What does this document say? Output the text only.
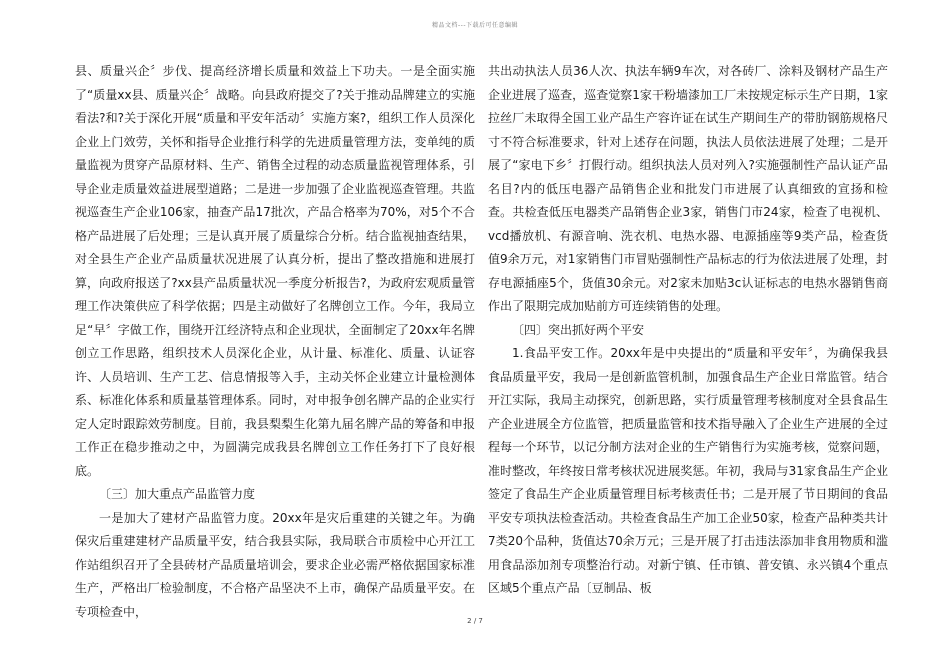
精品文档---下载后可任意编辑

县、质量兴企〞步伐、提高经济增长质量和效益上下功夫。一是全面实施了“质量xx县、质量兴企〞战略。向县政府提交了?关于推动品牌建立的实施看法?和?关于深化开展“质量和平安年活动〞实施方案?，组织工作人员深化企业上门效劳，关怀和指导企业推行科学的先进质量管理方法，变单纯的质量监视为贯穿产品原材料、生产、销售全过程的动态质量监视管理体系，引导企业走质量效益进展型道路；二是进一步加强了企业监视巡查管理。共监视巡查生产企业106家，抽查产品17批次，产品合格率为70%，对5个不合格产品进展了后处理；三是认真开展了质量综合分析。结合监视抽查结果，对全县生产企业产品质量状况进展了认真分析，提出了整改措施和进展打算，向政府报送了?xx县产品质量状况一季度分析报告?，为政府宏观质量管理工作决策供应了科学依据；四是主动做好了名牌创立工作。今年，我局立足“早〞字做工作，围绕开江经济特点和企业现状，全面制定了20xx年名牌创立工作思路，组织技术人员深化企业，从计量、标准化、质量、认证容许、人员培训、生产工艺、信息情报等入手，主动关怀企业建立计量检测体系、标准化体系和质量基管理体系。同时，对申报争创名牌产品的企业实行定人定时跟踪效劳制度。目前，我县梨梨生化第九届名牌产品的筹备和申报工作正在稳步推动之中，为圆满完成我县名牌创立工作任务打下了良好根底。

〔三〕加大重点产品监管力度

一是加大了建材产品监管力度。20xx年是灾后重建的关键之年。为确保灾后重建建材产品质量平安，结合我县实际，我局联合市质检中心开江工作站组织召开了全县砖材产品质量培训会，要求企业必需严格依据国家标准生产，严格出厂检验制度，不合格产品坚决不上市，确保产品质量平安。在专项检查中，

共出动执法人员36人次、执法车辆9车次，对各砖厂、涂料及钢材产品生产企业进展了巡查，巡查觉察1家干粉墙漆加工厂未按规定标示生产日期，1家拉丝厂未取得全国工业产品生产容许证在试生产期间生产的带肋钢筋规格尺寸不符合标准要求，针对上述存在问题，执法人员依法进展了处理；二是开展了“家电下乡〞打假行动。组织执法人员对列入?实施强制性产品认证产品名目?内的低压电器产品销售企业和批发门市进展了认真细致的宣扬和检查。共检查低压电器类产品销售企业3家，销售门市24家，检查了电视机、vcd播放机、有源音响、洗衣机、电热水器、电源插座等9类产品，检查货值9余万元，对1家销售门市冒贴强制性产品标志的行为依法进展了处理，封存电源插座5个，货值30余元。对2家未加贴3c认证标志的电热水器销售商作出了限期完成加贴前方可连续销售的处理。

〔四〕突出抓好两个平安

1.食品平安工作。20xx年是中央提出的“质量和平安年〞，为确保我县食品质量平安，我局一是创新监管机制，加强食品生产企业日常监管。结合开江实际，我局主动探究，创新思路，实行质量管理考核制度对全县食品生产企业进展全方位监管，把质量监管和技术指导融入了企业生产进展的全过程每一个环节，以记分制方法对企业的生产销售行为实施考核，觉察问题，准时整改，年终按日常考核状况进展奖惩。年初，我局与31家食品生产企业签定了食品生产企业质量管理目标考核责任书；二是开展了节日期间的食品平安专项执法检查活动。共检查食品生产加工企业50家，检查产品种类共计7类20个品种，货值达70余万元；三是开展了打击违法添加非食用物质和滥用食品添加剂专项整治行动。对新宁镇、任市镇、普安镇、永兴镇4个重点区域5个重点产品〔豆制品、板

2 / 7
